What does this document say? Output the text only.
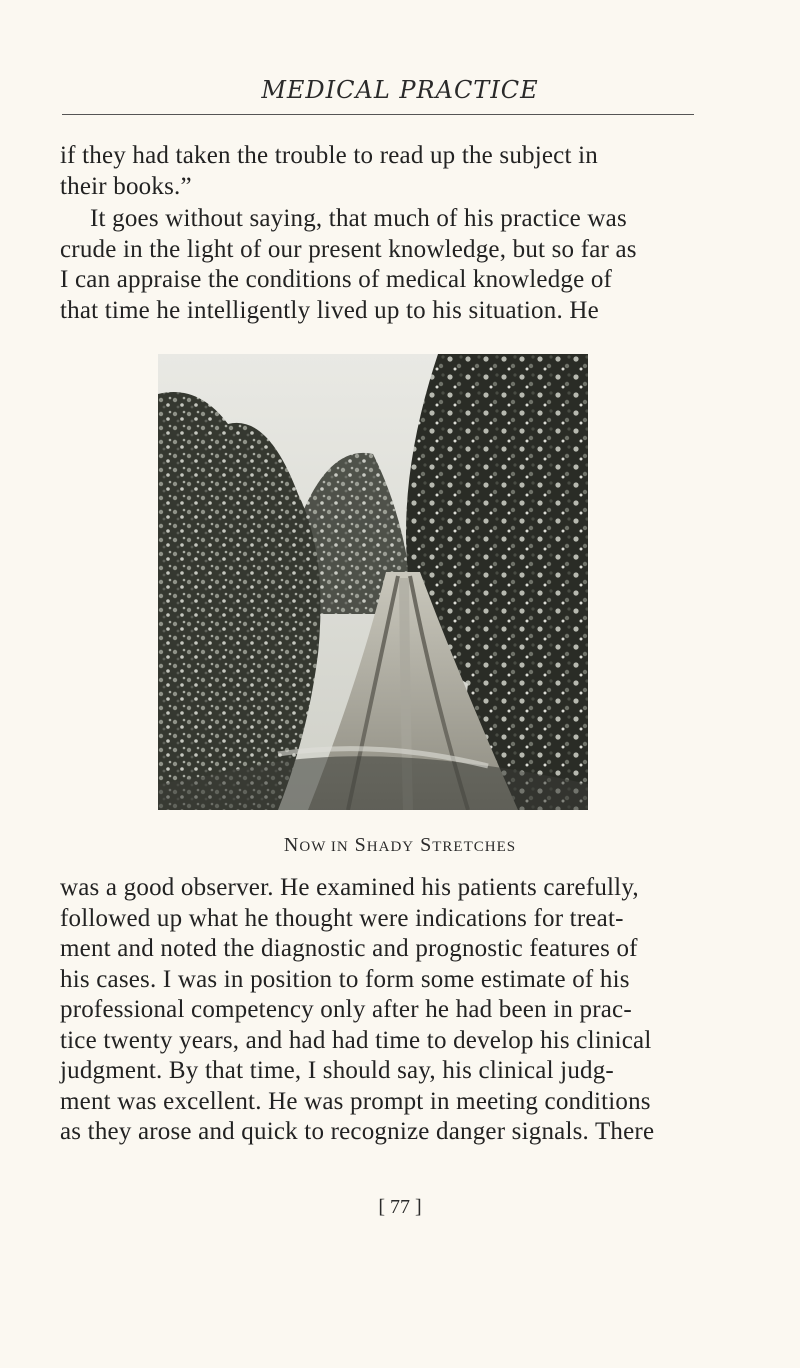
MEDICAL PRACTICE

if they had taken the trouble to read up the subject in
their books.”

It goes without saying, that much of his practice was
crude in the light of our present knowledge, but so far as
I can appraise the conditions of medical knowledge of
that time he intelligently lived up to his situation. He

NOW IN SHADY STRETCHES

was a good observer. He examined his patients carefully,
followed up what he thought were indications for treat‐
ment and noted the diagnostic and prognostic features of
his cases. I was in position to form some estimate of his
professional competency only after he had been in prac‐
tice twenty years, and had had time to develop his clinical
judgment. By that time, I should say, his clinical judg‐
ment was excellent. He was prompt in meeting conditions
as they arose and quick to recognize danger signals. There

[ 77 ]
